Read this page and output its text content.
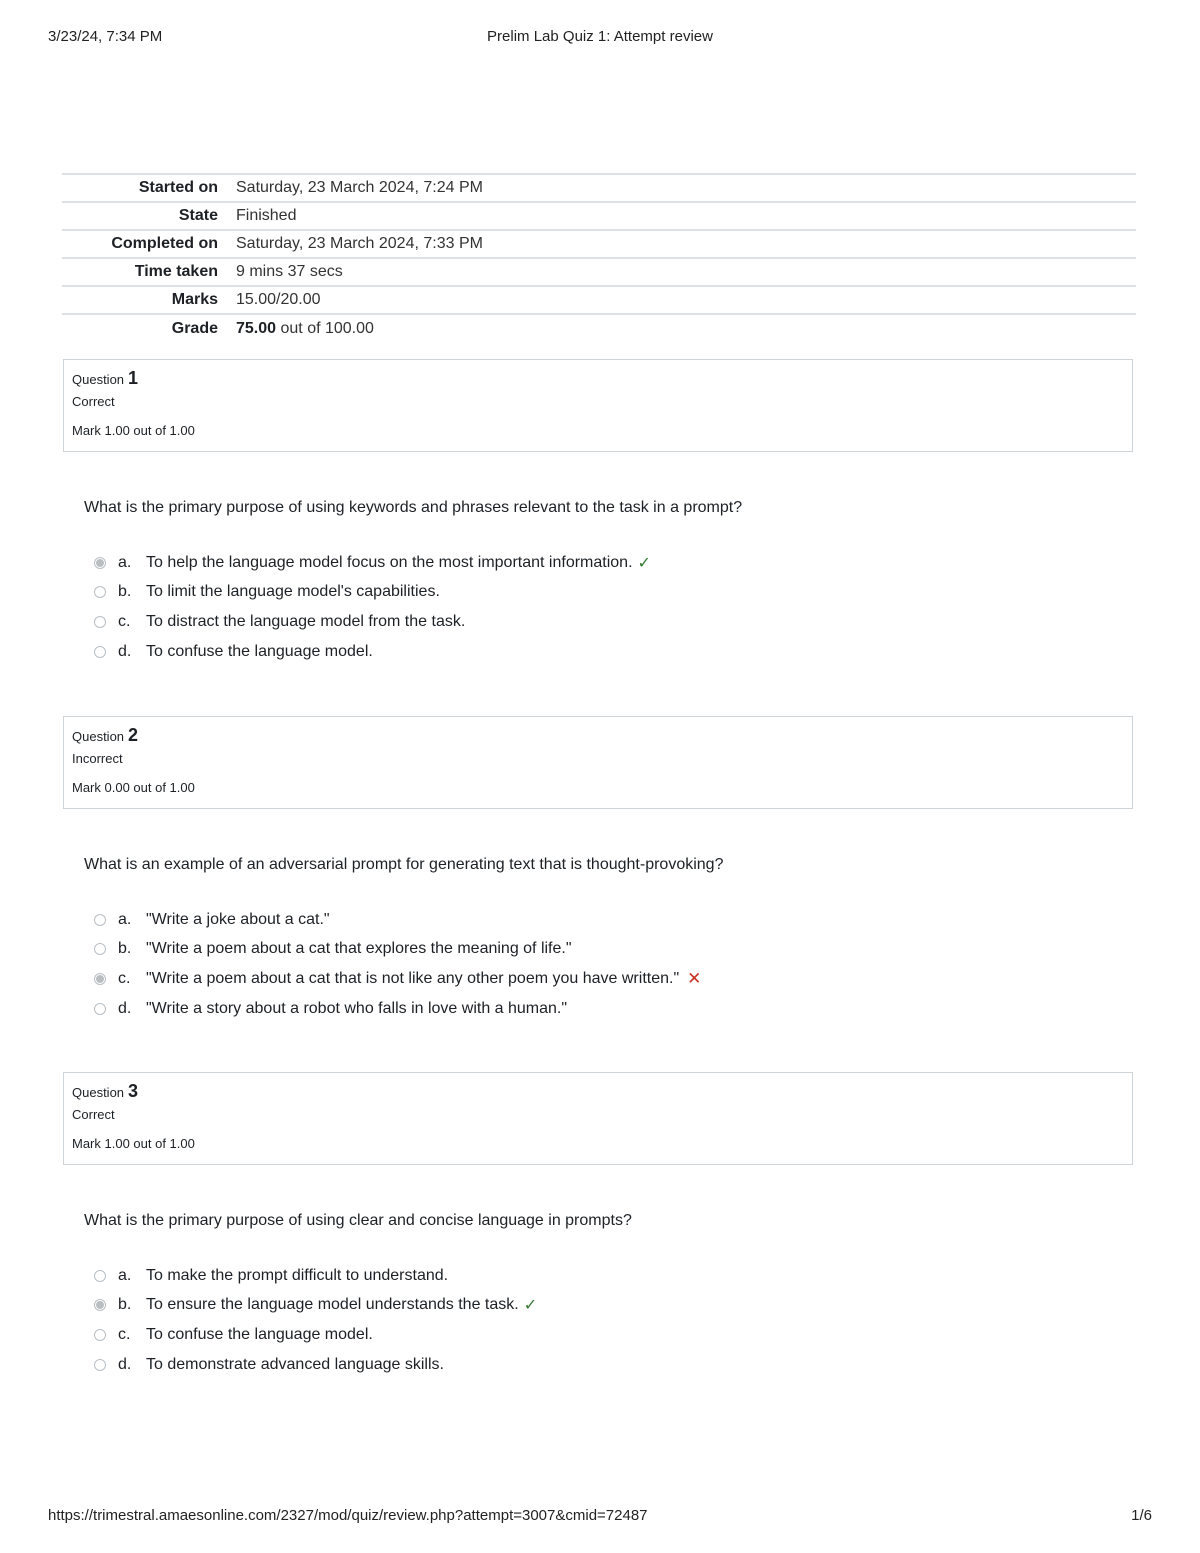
3/23/24, 7:34 PM	Prelim Lab Quiz 1: Attempt review
Started on	Saturday, 23 March 2024, 7:24 PM
State	Finished
Completed on	Saturday, 23 March 2024, 7:33 PM
Time taken	9 mins 37 secs
Marks	15.00/20.00
Grade	75.00 out of 100.00
Question 1
Correct
Mark 1.00 out of 1.00
What is the primary purpose of using keywords and phrases relevant to the task in a prompt?
a. To help the language model focus on the most important information. ✓
b. To limit the language model's capabilities.
c. To distract the language model from the task.
d. To confuse the language model.
Question 2
Incorrect
Mark 0.00 out of 1.00
What is an example of an adversarial prompt for generating text that is thought-provoking?
a. "Write a joke about a cat."
b. "Write a poem about a cat that explores the meaning of life."
c. "Write a poem about a cat that is not like any other poem you have written." ✕
d. "Write a story about a robot who falls in love with a human."
Question 3
Correct
Mark 1.00 out of 1.00
What is the primary purpose of using clear and concise language in prompts?
a. To make the prompt difficult to understand.
b. To ensure the language model understands the task. ✓
c. To confuse the language model.
d. To demonstrate advanced language skills.
https://trimestral.amaesonline.com/2327/mod/quiz/review.php?attempt=3007&cmid=72487	1/6
